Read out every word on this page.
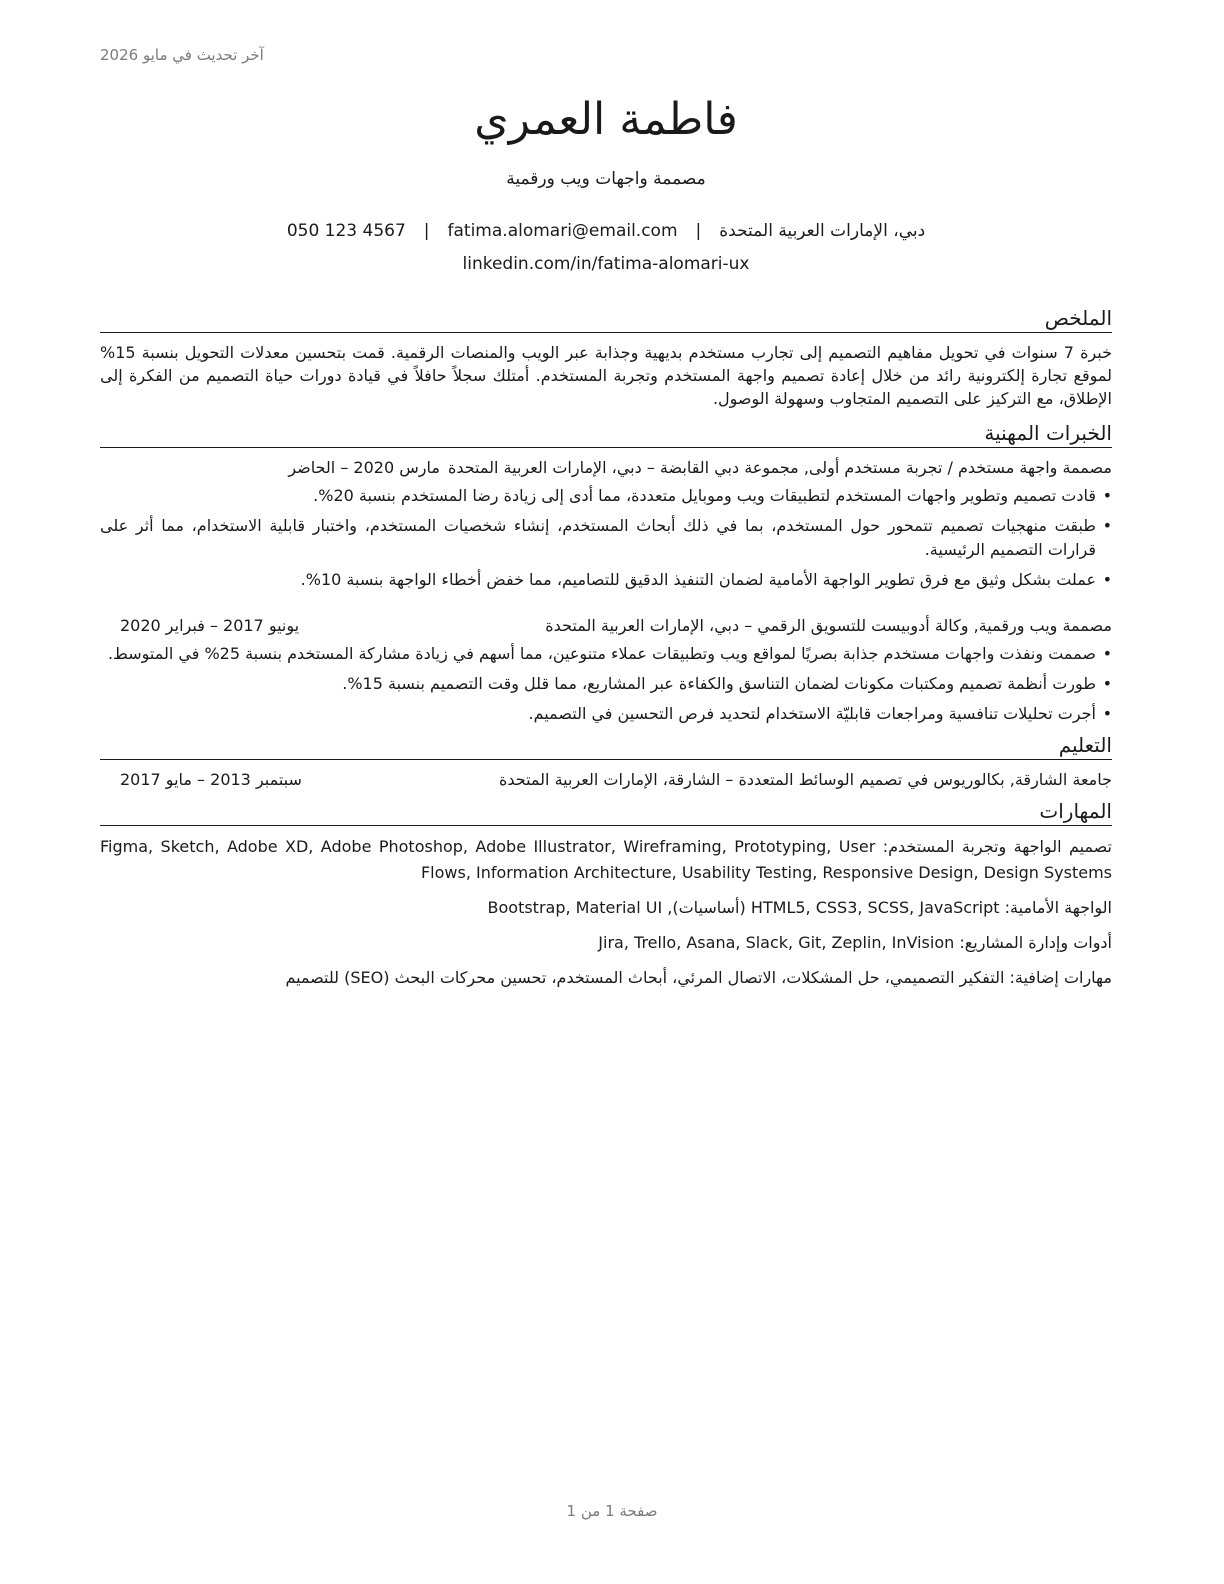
آخر تحديث في مايو 2026
فاطمة العمري
مصممة واجهات ويب ورقمية
دبي، الإمارات العربية المتحدة|fatima.alomari@email.com|050 123 4567
linkedin.com/in/fatima-alomari-ux
الملخص
خبرة 7 سنوات في تحويل مفاهيم التصميم إلى تجارب مستخدم بديهية وجذابة عبر الويب والمنصات الرقمية. قمت بتحسين معدلات التحويل بنسبة 15% لموقع تجارة إلكترونية رائد من خلال إعادة تصميم واجهة المستخدم وتجربة المستخدم. أمتلك سجلاً حافلاً في قيادة دورات حياة التصميم من الفكرة إلى الإطلاق، مع التركيز على التصميم المتجاوب وسهولة الوصول.
الخبرات المهنية
مصممة واجهة مستخدم / تجربة مستخدم أولى, مجموعة دبي القابضة – دبي، الإمارات العربية المتحدة
مارس 2020 – الحاضر
•
قادت تصميم وتطوير واجهات المستخدم لتطبيقات ويب وموبايل متعددة، مما أدى إلى زيادة رضا المستخدم بنسبة 20%.
•
طبقت منهجيات تصميم تتمحور حول المستخدم، بما في ذلك أبحاث المستخدم، إنشاء شخصيات المستخدم، واختبار قابلية الاستخدام، مما أثر على قرارات التصميم الرئيسية.
•
عملت بشكل وثيق مع فرق تطوير الواجهة الأمامية لضمان التنفيذ الدقيق للتصاميم، مما خفض أخطاء الواجهة بنسبة 10%.
مصممة ويب ورقمية, وكالة أدوبيست للتسويق الرقمي – دبي، الإمارات العربية المتحدة
يونيو 2017 – فبراير 2020
•
صممت ونفذت واجهات مستخدم جذابة بصريًا لمواقع ويب وتطبيقات عملاء متنوعين، مما أسهم في زيادة مشاركة المستخدم بنسبة 25% في المتوسط.
•
طورت أنظمة تصميم ومكتبات مكونات لضمان التناسق والكفاءة عبر المشاريع، مما قلل وقت التصميم بنسبة 15%.
•
أجرت تحليلات تنافسية ومراجعات قابليّة الاستخدام لتحديد فرص التحسين في التصميم.
التعليم
جامعة الشارقة, بكالوريوس في تصميم الوسائط المتعددة – الشارقة، الإمارات العربية المتحدة
سبتمبر 2013 – مايو 2017
المهارات
تصميم الواجهة وتجربة المستخدم: Figma, Sketch, Adobe XD, Adobe Photoshop, Adobe Illustrator, Wireframing, Prototyping, User Flows, Information Architecture, Usability Testing, Responsive Design, Design Systems
الواجهة الأمامية: HTML5, CSS3, SCSS, JavaScript (أساسيات), Bootstrap, Material UI
أدوات وإدارة المشاريع: Jira, Trello, Asana, Slack, Git, Zeplin, InVision
مهارات إضافية: التفكير التصميمي، حل المشكلات، الاتصال المرئي، أبحاث المستخدم، تحسين محركات البحث (SEO) للتصميم
صفحة 1 من 1
